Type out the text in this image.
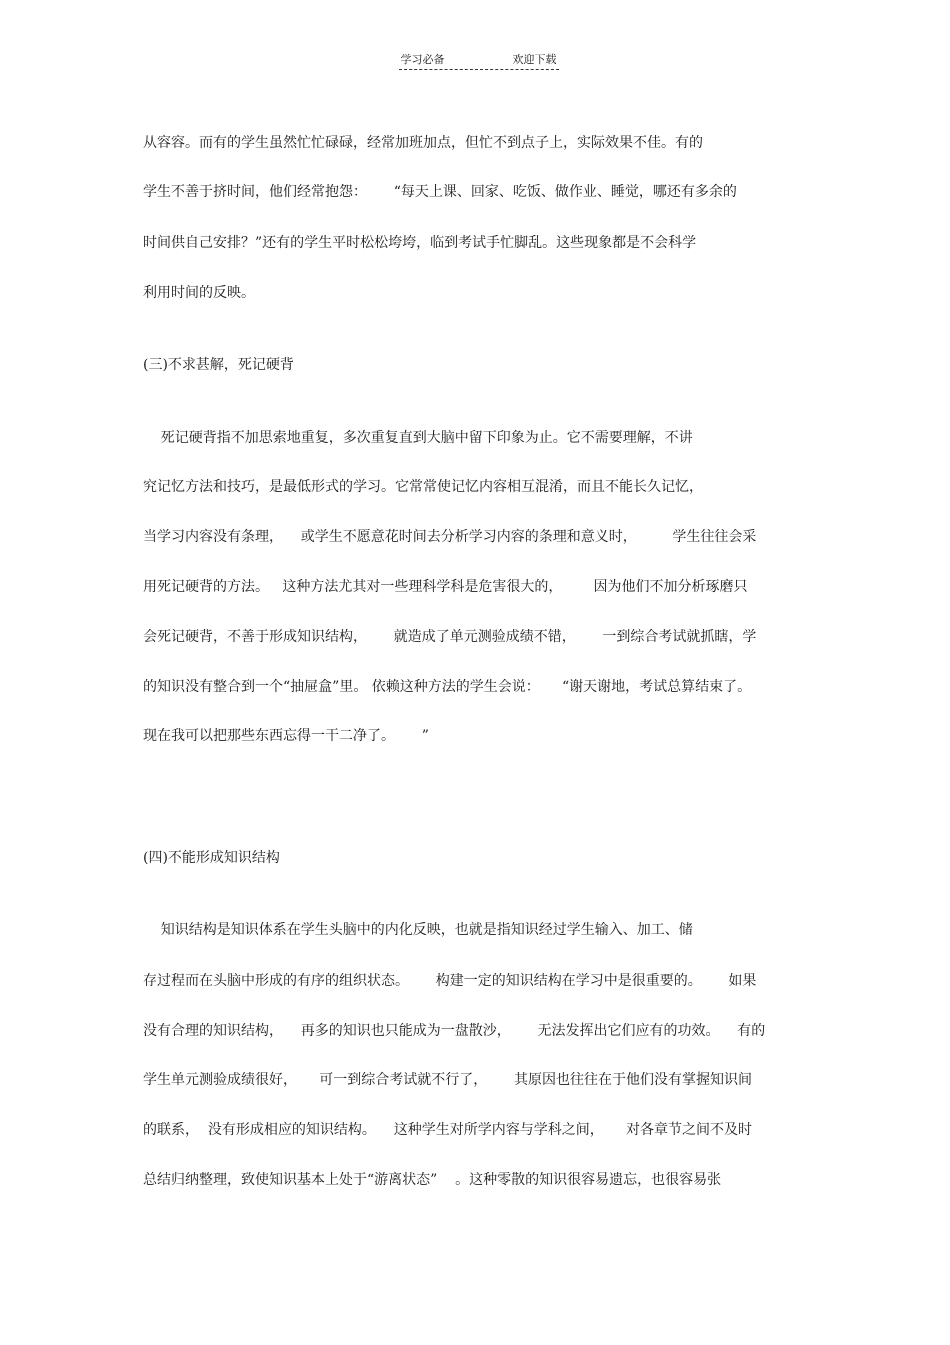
学习必备	欢迎下载

从容容。而有的学生虽然忙忙碌碌，经常加班加点，但忙不到点子上，实际效果不佳。有的
学生不善于挤时间，他们经常抱怨：      “每天上课、回家、吃饭、做作业、睡觉，哪还有多余的
时间供自己安排？”还有的学生平时松松垮垮，临到考试手忙脚乱。这些现象都是不会科学
利用时间的反映。
(三)不求甚解，死记硬背
死记硬背指不加思索地重复，多次重复直到大脑中留下印象为止。它不需要理解，不讲
究记忆方法和技巧，是最低形式的学习。它常常使记忆内容相互混淆，而且不能长久记忆，
当学习内容没有条理，    或学生不愿意花时间去分析学习内容的条理和意义时，        学生往往会采
用死记硬背的方法。   这种方法尤其对一些理科学科是危害很大的，       因为他们不加分析琢磨只
会死记硬背，不善于形成知识结构，      就造成了单元测验成绩不错，      一到综合考试就抓瞎，学
的知识没有整合到一个“抽屉盒”里。 依赖这种方法的学生会说：     “谢天谢地，考试总算结束了。
现在我可以把那些东西忘得一干二净了。      ”
(四)不能形成知识结构
知识结构是知识体系在学生头脑中的内化反映，也就是指知识经过学生输入、加工、储
存过程而在头脑中形成的有序的组织状态。      构建一定的知识结构在学习中是很重要的。      如果
没有合理的知识结构，    再多的知识也只能成为一盘散沙，      无法发挥出它们应有的功效。    有的
学生单元测验成绩很好，     可一到综合考试就不行了，      其原因也往往在于他们没有掌握知识间
的联系，  没有形成相应的知识结构。    这种学生对所学内容与学科之间，     对各章节之间不及时
总结归纳整理，致使知识基本上处于“游离状态”    。这种零散的知识很容易遗忘，也很容易张
